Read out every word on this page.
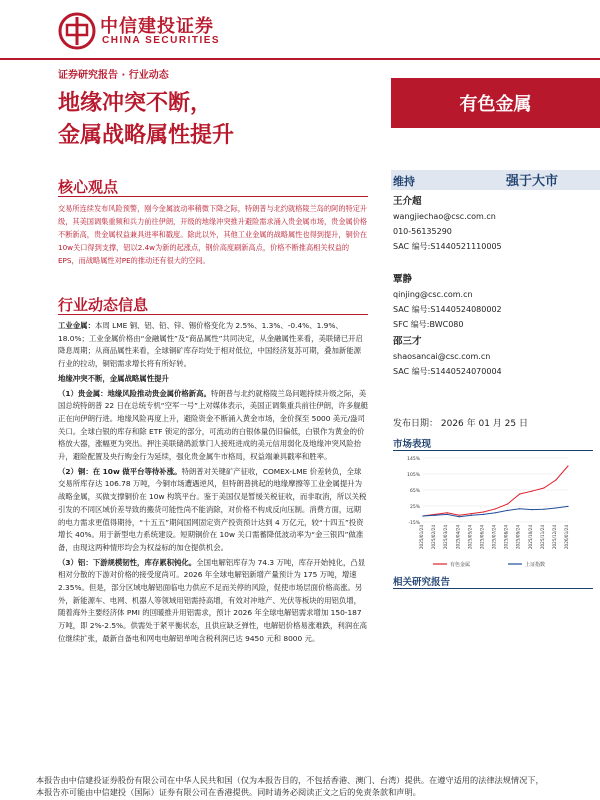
中信建投证券
CHINA SECURITIES
证券研究报告 · 行业动态
地缘冲突不断，
金属战略属性提升
有色金属
核心观点
交易所连续发布风险预警，刚今金属波动率稍微下降之际，特朗普与北约就格陵兰岛的阿的特定升级，其美国调集重频和兵力前往伊朗，开级的地缘冲突推升避险需求涌入贵金属市场，贵金属价格不断新高，贵金属权益兼具进率和戳度。除此以外，其他工业金属的战略属性也得到提升，铜价在10w关口得到支撑，铝以2.4w为新的起涨点，钢价高度刷新高点，价格不断推高相关权益的EPS，而战略属性对PE的推动还有很大的空间。
行业动态信息

工业金属：本周 LME 铜、铝、铅、锌、锡价格变化为 2.5%、1.3%、-0.4%、1.9%、18.0%；工业金属价格由“金融属性”及“商品属性”共同决定，从金融属性来看，美联储已开启降息周期；从商品属性来看，全球铜矿库存均处于相对低位，中国经济复苏可期，叠加新能源行业的拉动，铜铝需求增长将有所好转。

地缘冲突不断，金属战略属性提升

（1）贵金属：地缘风险推动贵金属价格新高。特朗普与北约就格陵兰岛问题持续升级之际，美国总统特朗普 22 日在总统专机“空军一号”上对媒体表示，美国正调集重兵前往伊朗，许多舰艇正在向伊朗行进。地缘风险再度上升，避险资金不断涌入黄金市场，金价探至 5000 美元/盎司关口。全球白银的库存和除 ETF 锁定的部分，可流动的白银体量仍旧偏低，白银作为黄金的价格放大器，涨幅更为突出。押注美联储鸽派掌门人接班进成的美元信用弱化及地缘冲突风险抬升，避险配置及央行购金行为延续，强化贵金属牛市格局，权益端兼具戳率和胜率。

（2）铜：在 10w 做平台等待补涨。特朗普对关键矿产征收，COMEX-LME 价差转负，全球交易所库存达 106.78 万吨，今铜市场遭遇逆风，但特朗普挑起的地缘摩擦等工业金属提升为战略金属，买做支撑铜价在 10w 构筑平台。鉴于美国仅是暂缓关税征收，而非取消，所以关税引发的不同区域价差导致的搬货可能性尚不能消除，对价格不构成反向压制。消费方面，远期的电力需求更值得期待，“十五五”期间国网固定资产投资预计达到 4 万亿元，较“十四五”投资增长 40%。用于新型电力系统建设。短期铜价在 10w 关口需蓄降低波动率为“金三银四”做准备，由现这两种情形均会为权益标的加仓提供机会。

（3）铝：下游规模韧性，库存累积钝化。全国电解铝库存为 74.3 万吨，库存开始钝化，凸显相对分散的下游对价格的接受度尚可。2026 年全球电解铝新增产量预计为 175 万吨，增速 2.35%。但是，部分区域电解铝面临电力供应不足而关停的风险，促使市场层面价格高涨。另外，新能源车、电网、机器人等领域用铝需持高增，有效对冲地产、光伏等板块的用铝负增，随着海外主要经济体 PMI 的回暖推升用铝需求，预计 2026 年全球电解铝需求增加 150-187 万吨，即 2%-2.5%。供需处于紧平衡状态，且供应缺乏弹性，电解铝价格易涨难跌，利润在高位继续扩张，最新自备电和网电电解铝单吨含税利润已达 9450 元和 8000 元。

维持	强于大市
王介超
wangjiechao@csc.com.cn
010-56135290
SAC 编号:S1440521110005
覃静
qinjing@csc.com.cn
SAC 编号:S1440524080002
SFC 编号:BWC080
邵三才
shaosancai@csc.com.cn
SAC 编号:S1440524070004
发布日期： 2026 年 01 月 25 日
市场表现
145%
105%
65%
25%
-15%
2025/01/24 2025/02/24 2025/03/24 2025/04/24 2025/05/24 2025/06/24 2025/07/24 2025/08/24 2025/09/24 2025/10/24 2025/11/24 2025/12/24 2026/01/24
有色金属	上证指数
相关研究报告
本报告由中信建投证券股份有限公司在中华人民共和国（仅为本报告目的，不包括香港、澳门、台湾）提供。在遵守适用的法律法规情况下，
本报告亦可能由中信建投（国际）证券有限公司在香港提供。同时请务必阅读正文之后的免责条款和声明。
